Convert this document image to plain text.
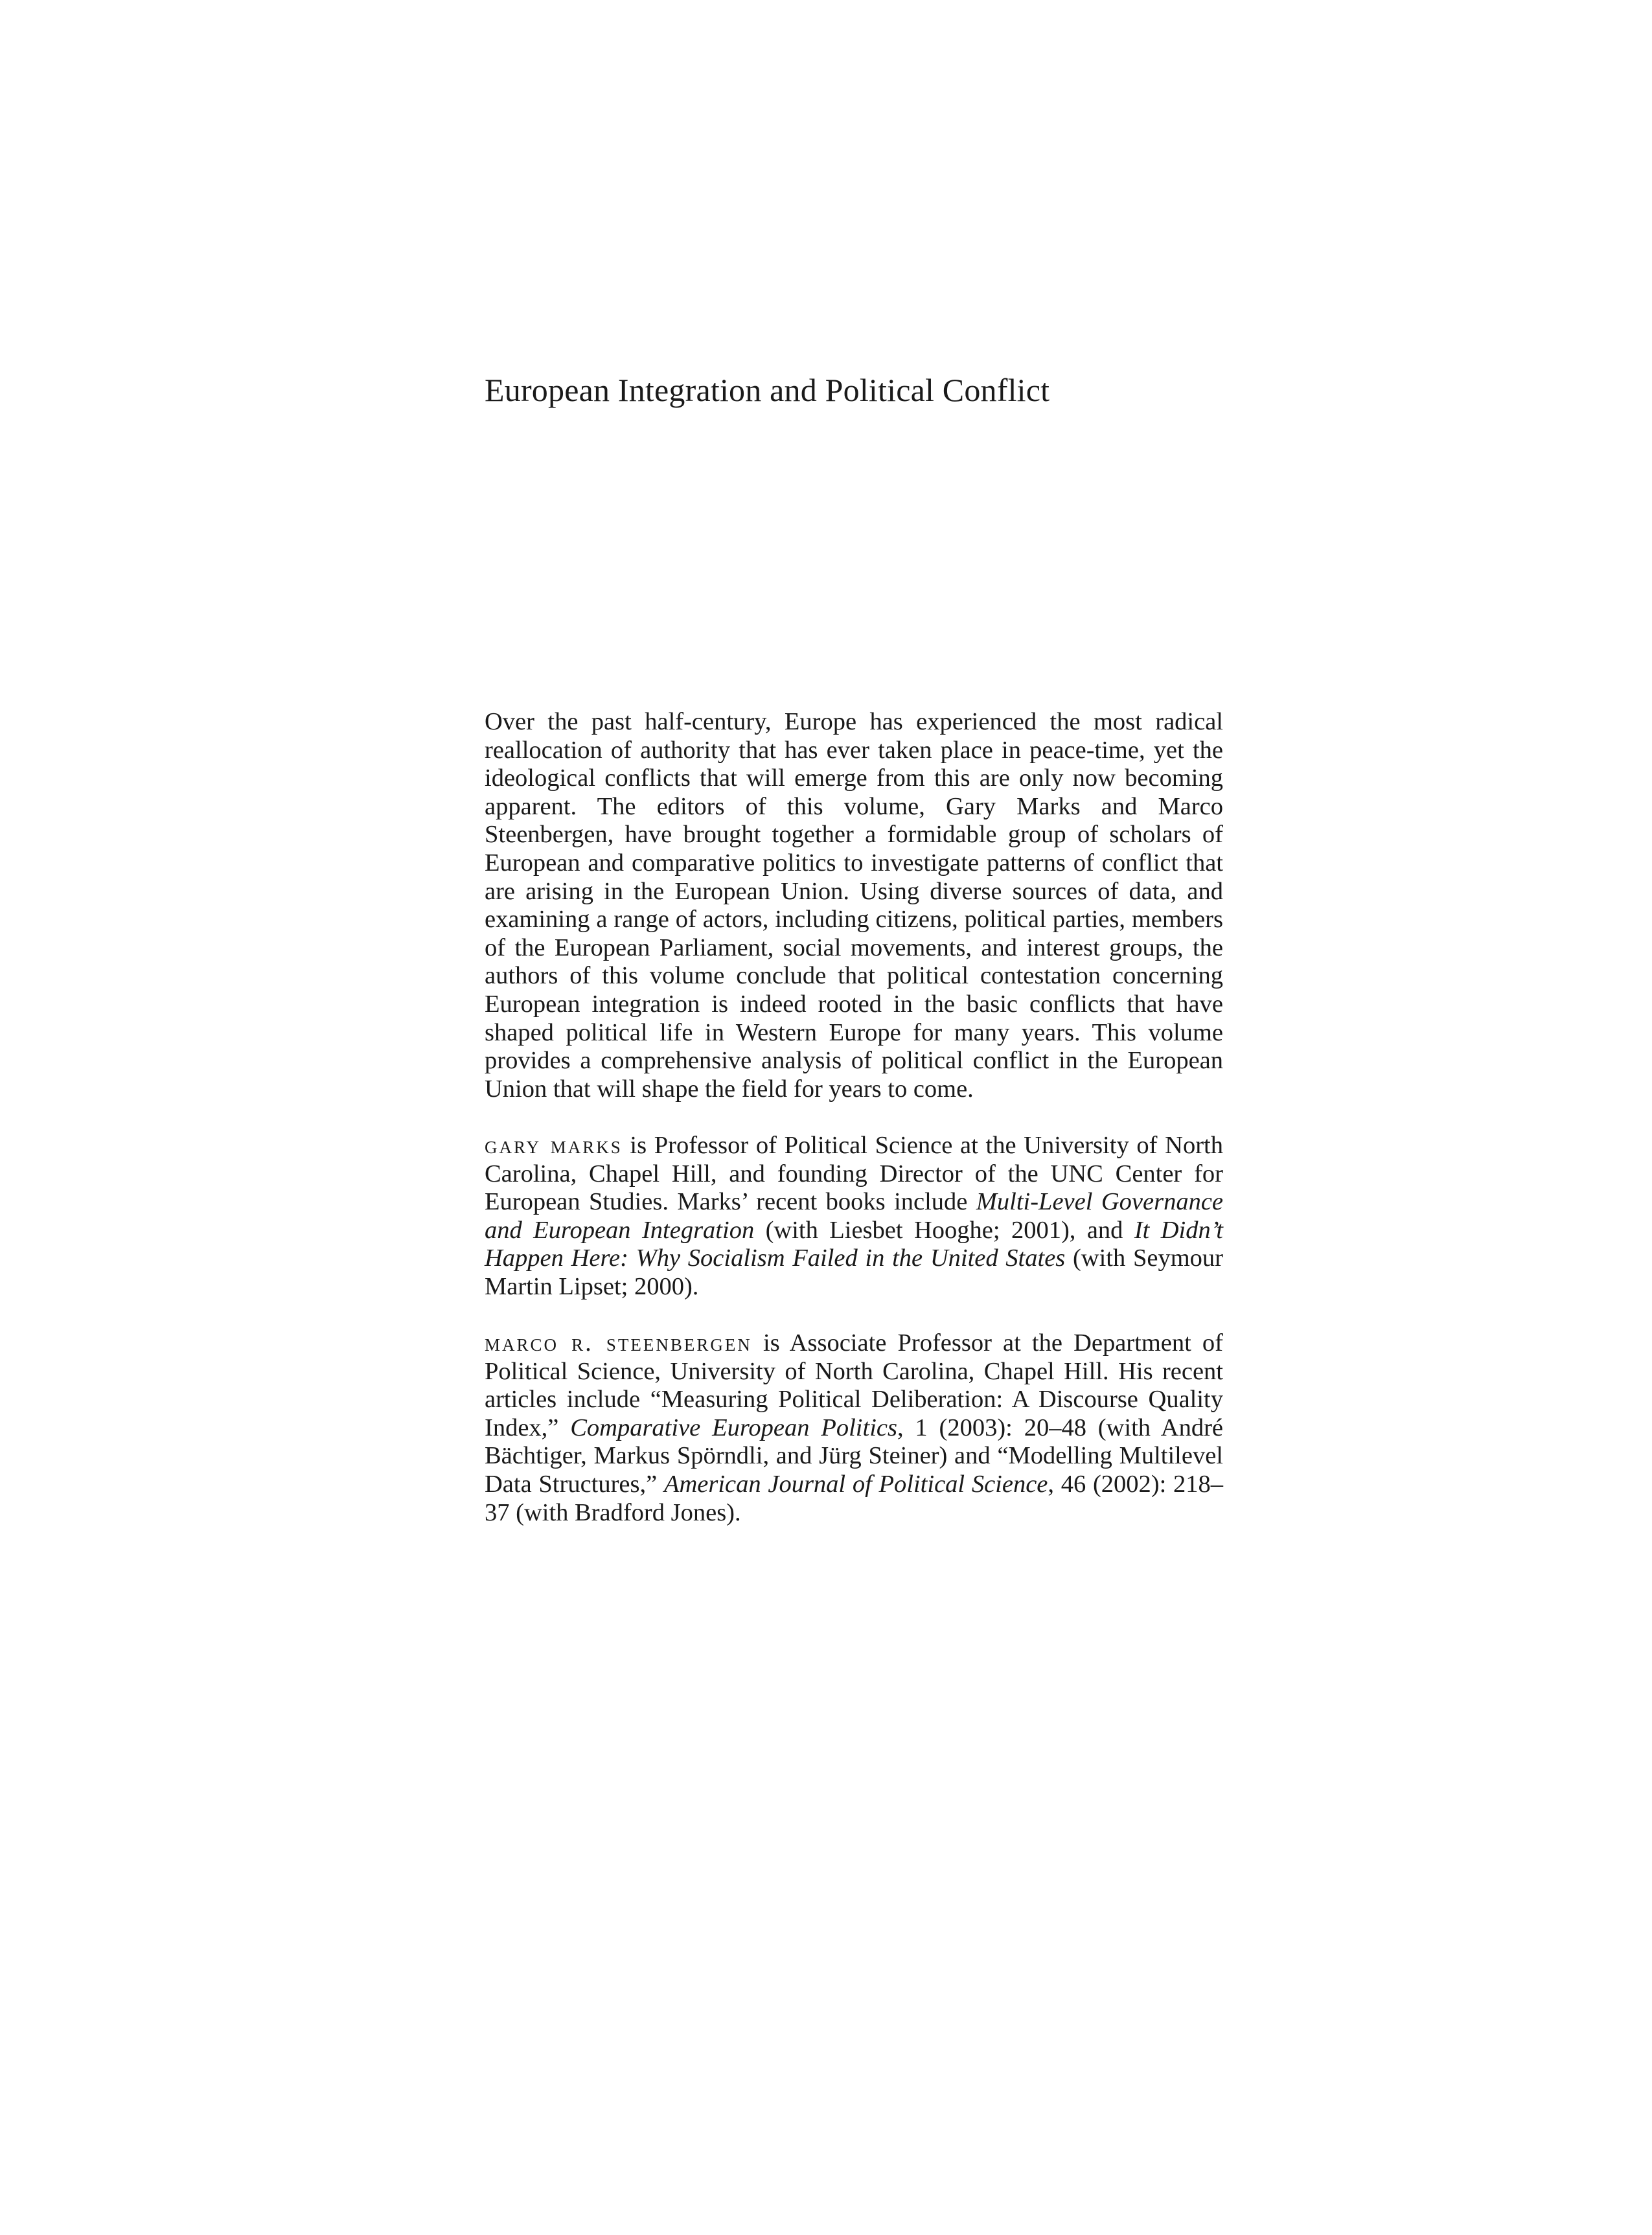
European Integration and Political Conflict

Over the past half-century, Europe has experienced the most radical reallocation of authority that has ever taken place in peace-time, yet the ideological conflicts that will emerge from this are only now becoming apparent. The editors of this volume, Gary Marks and Marco Steenbergen, have brought together a formidable group of scholars of European and comparative politics to investigate patterns of conflict that are arising in the European Union. Using diverse sources of data, and examining a range of actors, including citizens, political parties, members of the European Parliament, social movements, and interest groups, the authors of this volume conclude that political contestation concerning European integration is indeed rooted in the basic conflicts that have shaped political life in Western Europe for many years. This volume provides a comprehensive analysis of political conflict in the European Union that will shape the field for years to come.

gary marks is Professor of Political Science at the University of North Carolina, Chapel Hill, and founding Director of the UNC Center for European Studies. Marks’ recent books include Multi-Level Governance and European Integration (with Liesbet Hooghe; 2001), and It Didn’t Happen Here: Why Socialism Failed in the United States (with Seymour Martin Lipset; 2000).

marco r. steenbergen is Associate Professor at the Department of Political Science, University of North Carolina, Chapel Hill. His recent articles include “Measuring Political Deliberation: A Discourse Quality Index,” Comparative European Politics, 1 (2003): 20–48 (with André Bächtiger, Markus Spörndli, and Jürg Steiner) and “Modelling Multilevel Data Structures,” American Journal of Political Science, 46 (2002): 218–37 (with Bradford Jones).
